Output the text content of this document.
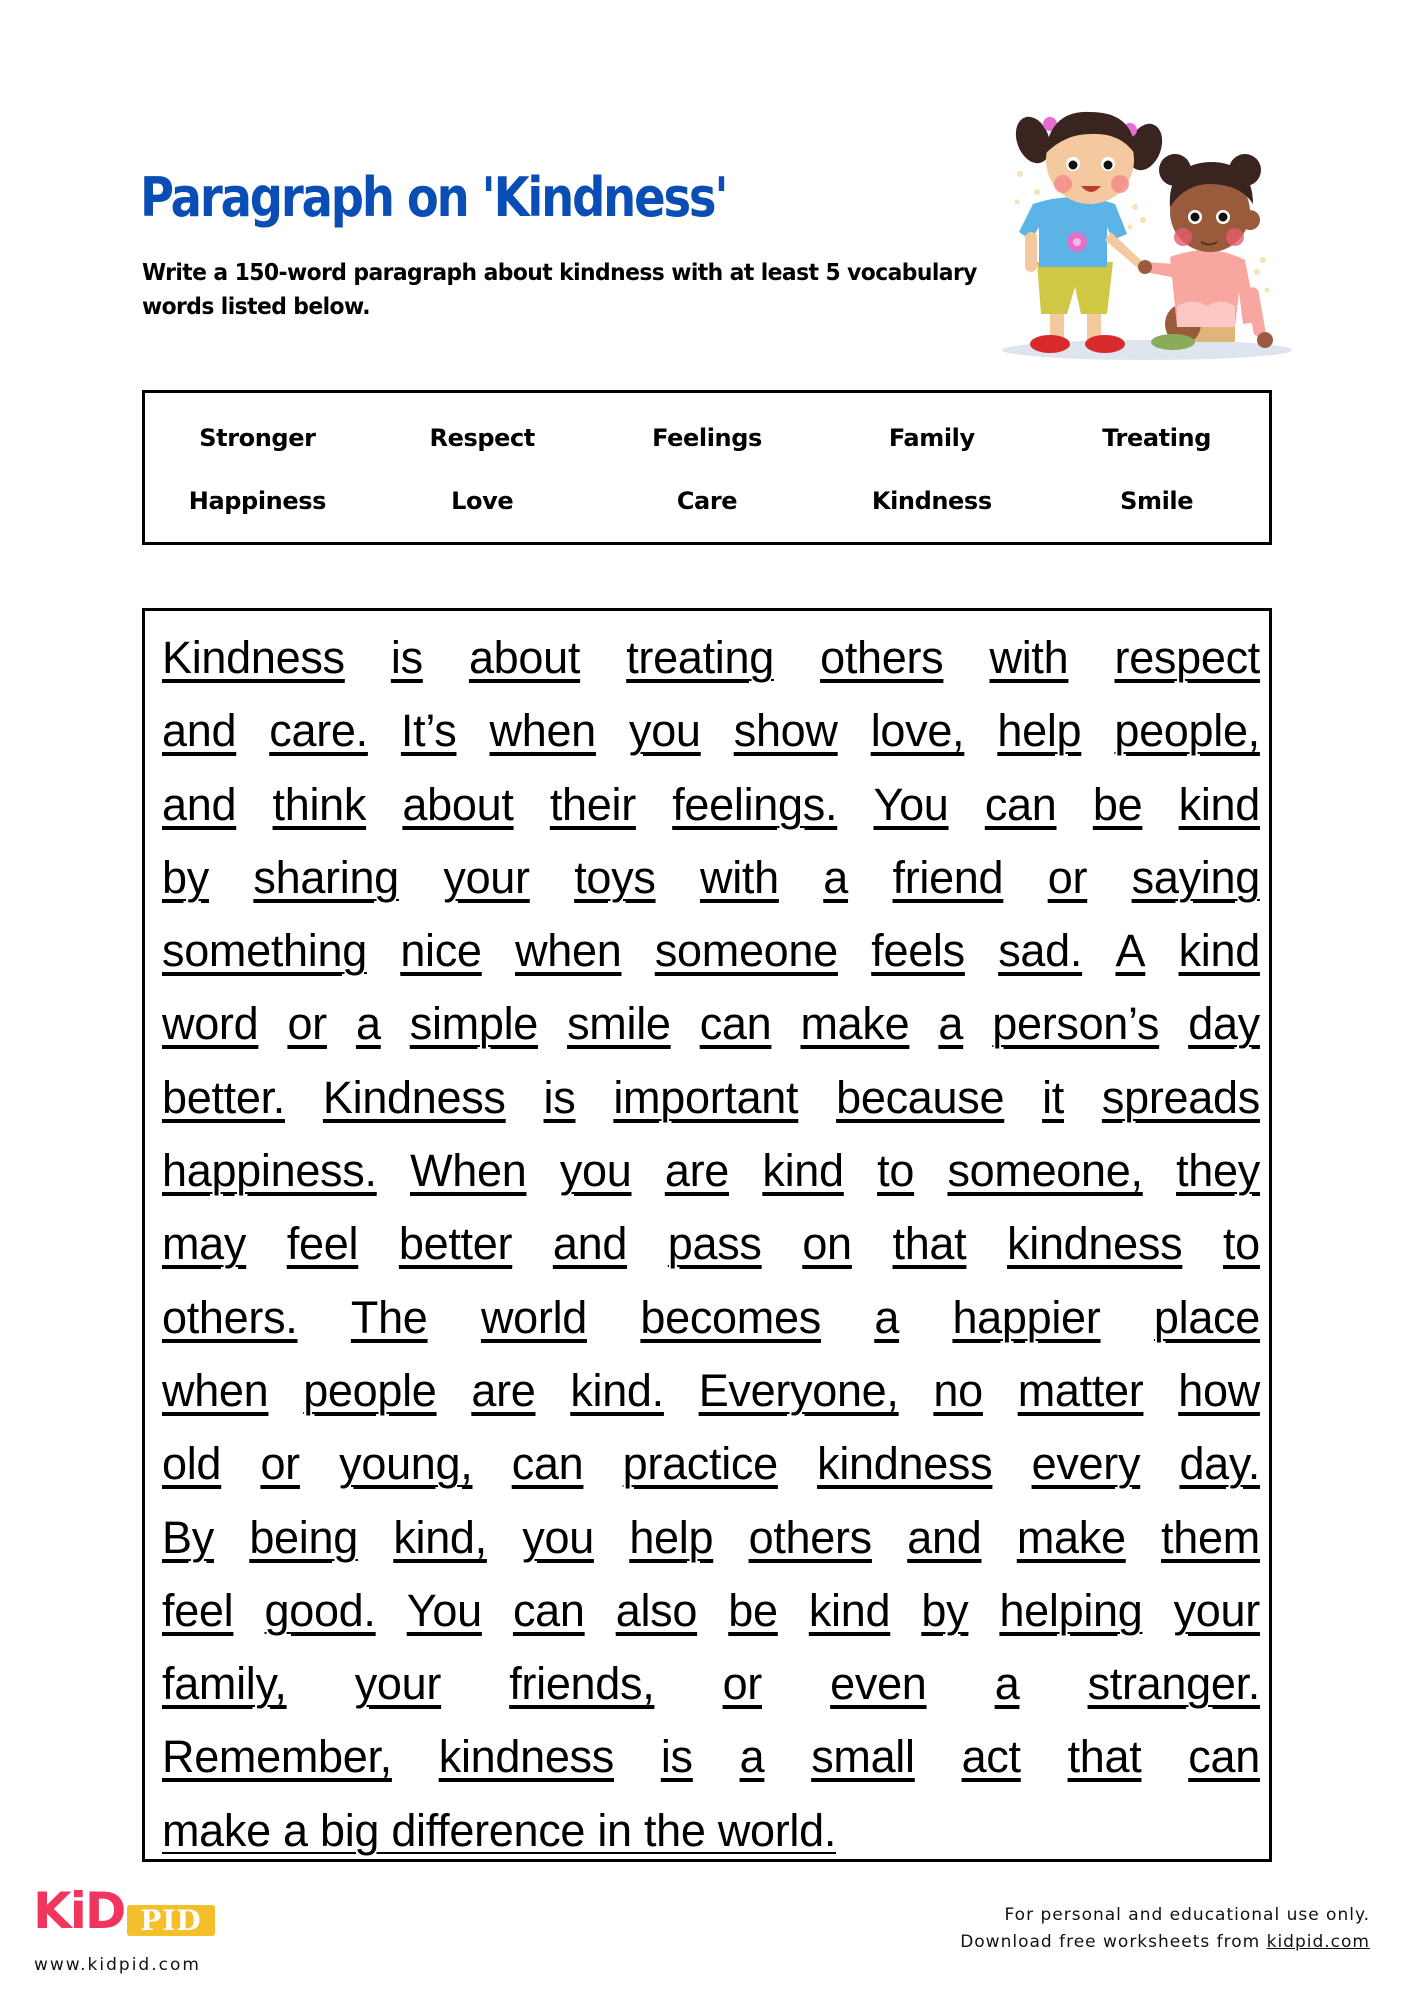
Paragraph on 'Kindness'

Write a 150-word paragraph about kindness with at least 5 vocabulary words listed below.

Stronger	Respect	Feelings	Family	Treating
Happiness	Love	Care	Kindness	Smile
Kindness is about treating others with respect
and care. It’s when you show love, help people,
and think about their feelings. You can be kind
by sharing your toys with a friend or saying
something nice when someone feels sad. A kind
word or a simple smile can make a person’s day
better. Kindness is important because it spreads
happiness. When you are kind to someone, they
may feel better and pass on that kindness to
others. The world becomes a happier place
when people are kind. Everyone, no matter how
old or young, can practice kindness every day.
By being kind, you help others and make them
feel good. You can also be kind by helping your
family, your friends, or even a stranger.
Remember, kindness is a small act that can
make a big difference in the world.
KiD PID
www.kidpid.com
For personal and educational use only.
Download free worksheets from kidpid.com
